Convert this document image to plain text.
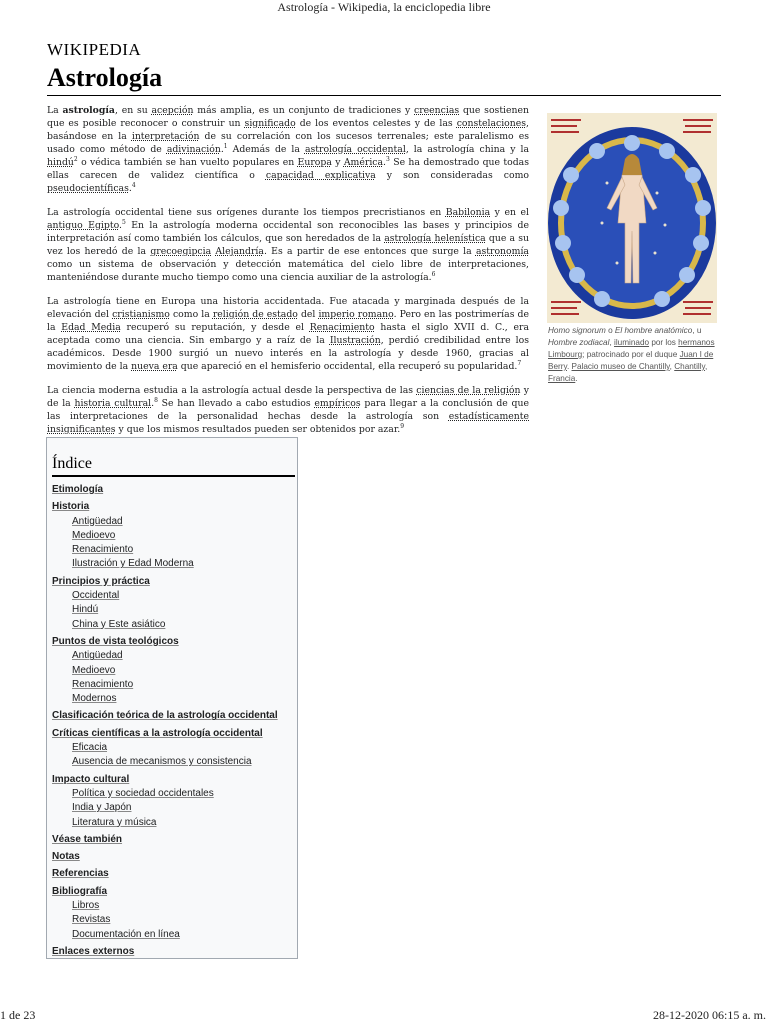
Astrología - Wikipedia, la enciclopedia libre
WIKIPEDIA
Astrología

La astrología, en su acepción más amplia, es un conjunto de tradiciones y creencias que sostienen que es posible reconocer o construir un significado de los eventos celestes y de las constelaciones, basándose en la interpretación de su correlación con los sucesos terrenales; este paralelismo es usado como método de adivinación.$^1$ Además de la astrología occidental, la astrología china y la hindú$^2$ o védica también se han vuelto populares en Europa y América.$^3$ Se ha demostrado que todas ellas carecen de validez científica o capacidad explicativa y son consideradas como pseudocientíficas.$^4$

La astrología occidental tiene sus orígenes durante los tiempos precristianos en Babilonia y en el antiguo Egipto.$^5$ En la astrología moderna occidental son reconocibles las bases y principios de interpretación así como también los cálculos, que son heredados de la astrología helenística que a su vez los heredó de la grecoegipcia Alejandría. Es a partir de ese entonces que surge la astronomía como un sistema de observación y detección matemática del cielo libre de interpretaciones, manteniéndose durante mucho tiempo como una ciencia auxiliar de la astrología.$^6$

La astrología tiene en Europa una historia accidentada. Fue atacada y marginada después de la elevación del cristianismo como la religión de estado del imperio romano. Pero en las postrimerías de la Edad Media recuperó su reputación, y desde el Renacimiento hasta el siglo XVII d. C., era aceptada como una ciencia. Sin embargo y a raíz de la Ilustración, perdió credibilidad entre los académicos. Desde 1900 surgió un nuevo interés en la astrología y desde 1960, gracias al movimiento de la nueva era que apareció en el hemisferio occidental, ella recuperó su popularidad.$^7$

La ciencia moderna estudia a la astrología actual desde la perspectiva de las ciencias de la religión y de la historia cultural.$^8$ Se han llevado a cabo estudios empíricos para llegar a la conclusión de que las interpretaciones de la personalidad hechas desde la astrología son estadísticamente insignificantes y que los mismos resultados pueden ser obtenidos por azar.$^9$

Homo signorum o El hombre anatómico, u Hombre zodiacal, iluminado por los hermanos Limbourg; patrocinado por el duque Juan I de Berry. Palacio museo de Chantilly, Chantilly, Francia.
Índice
Etimología
Historia
Antigüedad
Medioevo
Renacimiento
Ilustración y Edad Moderna
Principios y práctica
Occidental
Hindú
China y Este asiático
Puntos de vista teológicos
Antigüedad
Medioevo
Renacimiento
Modernos
Clasificación teórica de la astrología occidental
Críticas científicas a la astrología occidental
Eficacia
Ausencia de mecanismos y consistencia
Impacto cultural
Política y sociedad occidentales
India y Japón
Literatura y música
Véase también
Notas
Referencias
Bibliografía
Libros
Revistas
Documentación en línea
Enlaces externos
1 de 23	28-12-2020 06:15 a. m.
